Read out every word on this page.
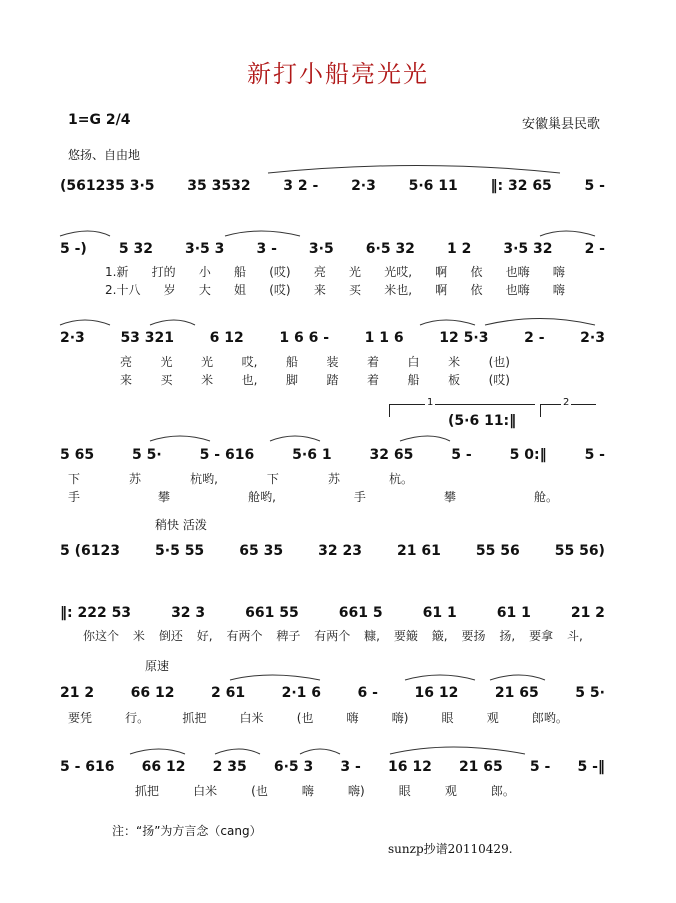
新打小船亮光光
1=G 2/4	安徽巢县民歌
悠扬、自由地
(561235 3·5 35 3532 3 2 - 2·3 5·6 11 ‖: 32 65 5 -
5 -) 5 32 3·5 3 3 - 3·5 6·5 32 1 2 3·5 32 2 -
1.新 打的 小 船 (哎) 亮 光 光哎, 啊 依 也嗨 嗨
2.十八 岁 大 姐 (哎) 来 买 米也, 啊 依 也嗨 嗨
2·3	53 321	6 12	1 6 6 -	1 1 6	12 5·3	2 -	2·3
亮 光 光 哎, 船 装 着 白 米 (也)
来 买 米 也, 脚 踏 着 船 板 (哎)
1	2
(5·6 11:‖
5 65	5 5·	5 - 616	5·6 1	32 65	5 -	5 0:‖	5 -
下	苏	杭哟,	下	苏	杭。
手	攀	舱哟,	手	攀	舱。
稍快 活泼
5 (6123	5·5 55	65 35	32 23	21 61	55 56	55 56)
‖: 222 53	32 3	661 55	661 5	61 1	61 1	21 2
你这个 米 倒还 好, 有两个 稗子 有两个 糠, 要簸 簸, 要扬 扬, 要拿 斗,
原速
21 2	66 12	2 61	2·1 6	6 -	16 12	21 65	5 5·
要凭	行。	抓把	白米	(也	嗨	嗨)	眼	观	郎哟。
5 - 616 66 12 2 35 6·5 3 3 - 16 12 21 65 5 - 5 -‖
抓把	白米	(也	嗨	嗨)	眼	观	郎。
注：“扬”为方言念（cang）
sunzp抄谱20110429.
